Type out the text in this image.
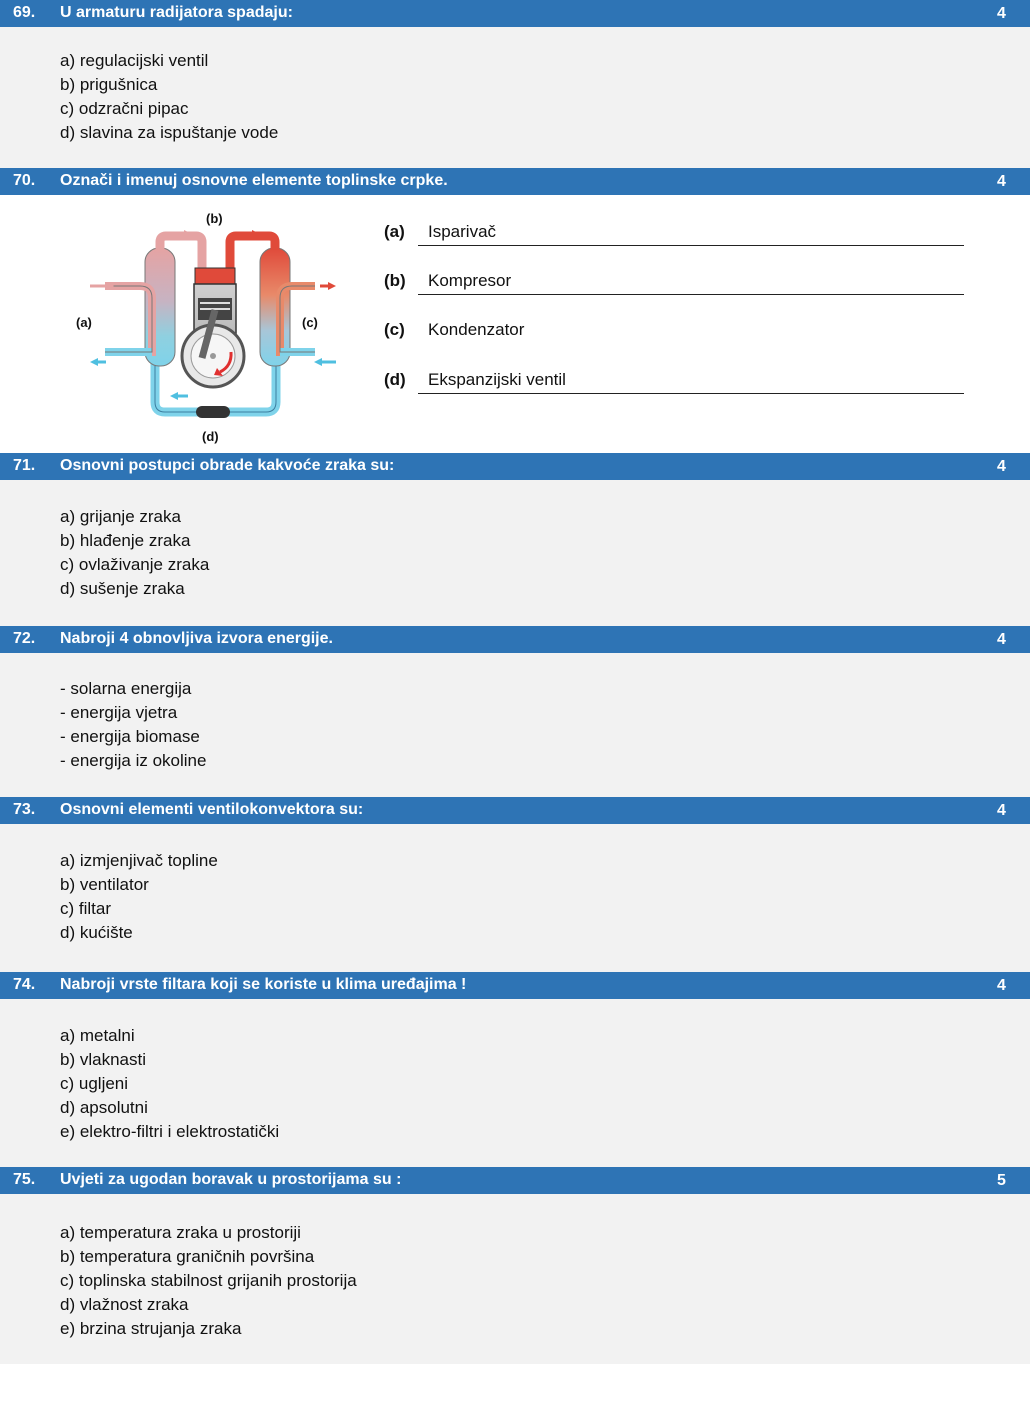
69. U armaturu radijatora spadaju:	4
a) regulacijski ventil
b) prigušnica
c) odzračni pipac
d) slavina za ispuštanje vode
70. Označi i imenuj osnovne elemente toplinske crpke.	4
(b)
(a)	(c)
(d)
(a) Isparivač
(b) Kompresor
(c) Kondenzator
(d) Ekspanzijski ventil
71. Osnovni postupci obrade kakvoće zraka su:	4
a) grijanje zraka
b) hlađenje zraka
c) ovlaživanje zraka
d) sušenje zraka
72. Nabroji 4 obnovljiva izvora energije.	4
- solarna energija
- energija vjetra
- energija biomase
- energija iz okoline
73. Osnovni elementi ventilokonvektora su:	4
a) izmjenjivač topline
b) ventilator
c) filtar
d) kućište
74. Nabroji vrste filtara koji se koriste u klima uređajima !	4
a) metalni
b) vlaknasti
c) ugljeni
d) apsolutni
e) elektro-filtri i elektrostatički
75. Uvjeti za ugodan boravak u prostorijama su :	5
a) temperatura zraka u prostoriji
b) temperatura graničnih površina
c) toplinska stabilnost grijanih prostorija
d) vlažnost zraka
e) brzina strujanja zraka
